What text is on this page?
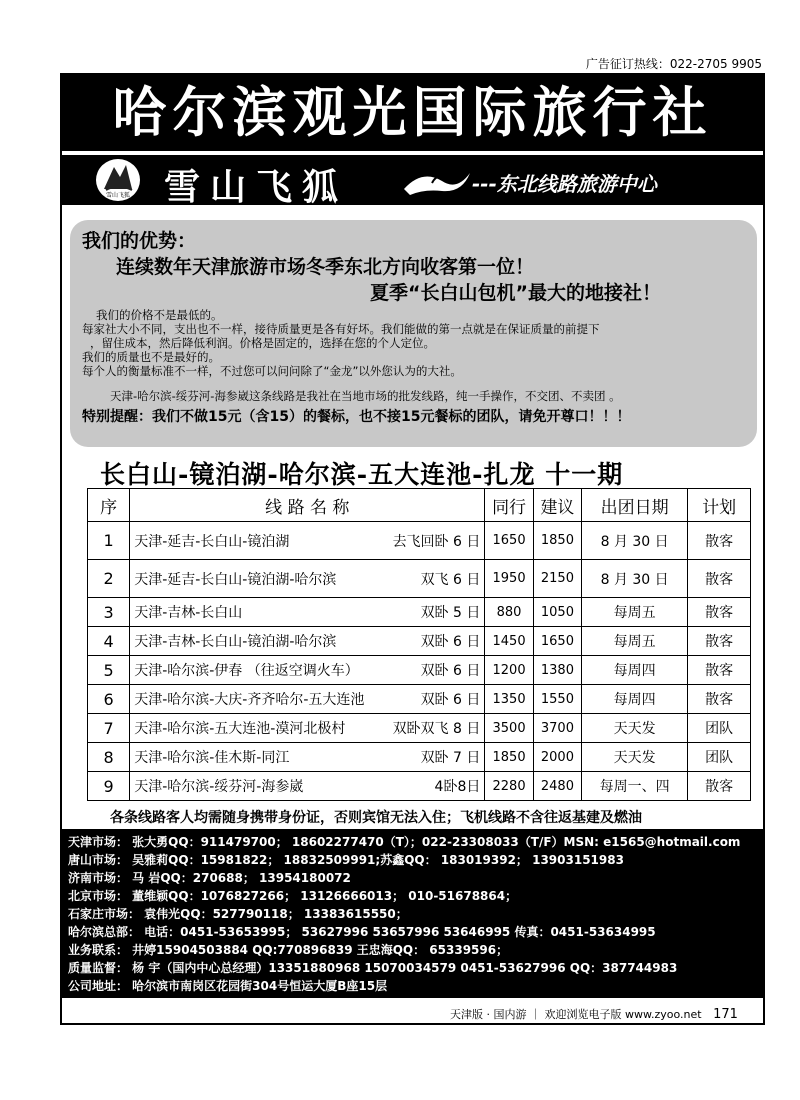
广告征订热线：022-2705 9905
哈尔滨观光国际旅行社
雪山飞狐 雪山飞狐	---东北线路旅游中心
我们的优势：
连续数年天津旅游市场冬季东北方向收客第一位！
夏季“长白山包机”最大的地接社！
我们的价格不是最低的。
每家社大小不同，支出也不一样，接待质量更是各有好坏。我们能做的第一点就是在保证质量的前提下
，留住成本，然后降低利润。价格是固定的，选择在您的个人定位。
我们的质量也不是最好的。
每个人的衡量标准不一样，不过您可以问问除了“金龙”以外您认为的大社。
天津-哈尔滨-绥芬河-海参崴这条线路是我社在当地市场的批发线路，纯一手操作，不交团、不卖团 。
特别提醒：我们不做15元（含15）的餐标，也不接15元餐标的团队，请免开尊口！！！
长白山-镜泊湖-哈尔滨-五大连池-扎龙 十一期
序	线 路 名 称	同行	建议	出团日期	计划
1	天津-延吉-长白山-镜泊湖 去飞回卧 6 日	1650	1850	8 月 30 日	散客
2	天津-延吉-长白山-镜泊湖-哈尔滨 双飞 6 日	1950	2150	8 月 30 日	散客
3	天津-吉林-长白山 双卧 5 日	880	1050	每周五	散客
4	天津-吉林-长白山-镜泊湖-哈尔滨 双卧 6 日	1450	1650	每周五	散客
5	天津-哈尔滨-伊春 （往返空调火车） 双卧 6 日	1200	1380	每周四	散客
6	天津-哈尔滨-大庆-齐齐哈尔-五大连池 双卧 6 日	1350	1550	每周四	散客
7	天津-哈尔滨-五大连池-漠河北极村 双卧双飞 8 日	3500	3700	天天发	团队
8	天津-哈尔滨-佳木斯-同江 双卧 7 日	1850	2000	天天发	团队
9	天津-哈尔滨-绥芬河-海参崴 4卧8日	2280	2480	每周一、四	散客
各条线路客人均需随身携带身份证，否则宾馆无法入住；飞机线路不含往返基建及燃油
天津市场： 张大勇QQ：911479700； 18602277470（T）；022-23308033（T/F）MSN: e1565@hotmail.com
唐山市场： 吴雅莉QQ：15981822； 18832509991;苏鑫QQ： 183019392； 13903151983
济南市场： 马 岩QQ：270688； 13954180072
北京市场： 董维颖QQ：1076827266； 13126666013； 010-51678864；
石家庄市场： 袁伟光QQ：527790118； 13383615550；
哈尔滨总部： 电话：0451-53653995； 53627996 53657996 53646995 传真：0451-53634995
业务联系： 井婷15904503884 QQ:770896839 王忠海QQ： 65339596；
质量监督： 杨 宇（国内中心总经理）13351880968 15070034579 0451-53627996 QQ：387744983
公司地址： 哈尔滨市南岗区花园街304号恒运大厦B座15层
天津版 · 国内游 ｜ 欢迎浏览电子版 www.zyoo.net 171
